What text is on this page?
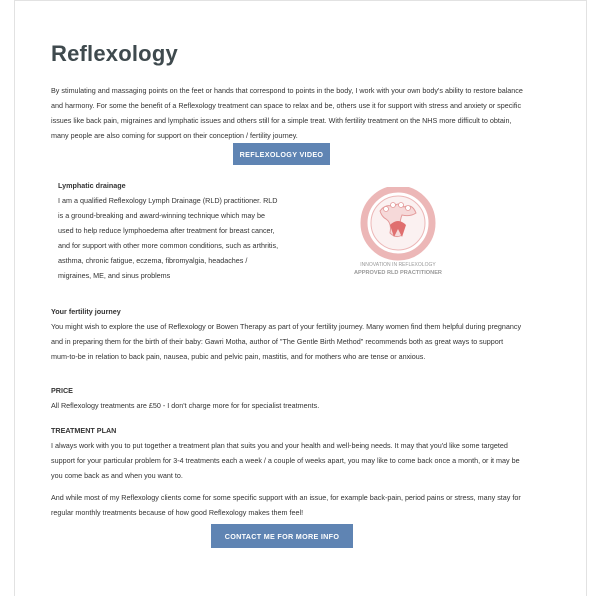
Reflexology

By stimulating and massaging points on the feet or hands that correspond to points in the body, I work with your own body's ability to restore balance and harmony. For some the benefit of a Reflexology treatment can space to relax and be, others use it for support with stress and anxiety or specific issues like back pain, migraines and lymphatic issues and others still for a simple treat. With fertility treatment on the NHS more difficult to obtain, many people are also coming for support on their conception / fertility journey.

REFLEXOLOGY VIDEO

Lymphatic drainage

I am a qualified Reflexology Lymph Drainage (RLD) practitioner. RLD is a ground-breaking and award-winning technique which may be used to help reduce lymphoedema after treatment for breast cancer, and for support with other more common conditions, such as arthritis, asthma, chronic fatigue, eczema, fibromyalgia, headaches / migraines, ME, and sinus problems

INNOVATION IN REFLEXOLOGY
APPROVED RLD PRACTITIONER

Your fertility journey

You might wish to explore the use of Reflexology or Bowen Therapy as part of your fertility journey. Many women find them helpful during pregnancy and in preparing them for the birth of their baby: Gawri Motha, author of "The Gentle Birth Method" recommends both as great ways to support mum-to-be in relation to back pain, nausea, pubic and pelvic pain, mastitis, and for mothers who are tense or anxious.

PRICE

All Reflexology treatments are £50 - I don't charge more for for specialist treatments.

TREATMENT PLAN

I always work with you to put together a treatment plan that suits you and your health and well-being needs. It may that you'd like some targeted support for your particular problem for 3-4 treatments each a week / a couple of weeks apart, you may like to come back once a month, or it may be you come back as and when you want to.

And while most of my Reflexology clients come for some specific support with an issue, for example back-pain, period pains or stress, many stay for regular monthly treatments because of how good Reflexology makes them feel!

CONTACT ME FOR MORE INFO
